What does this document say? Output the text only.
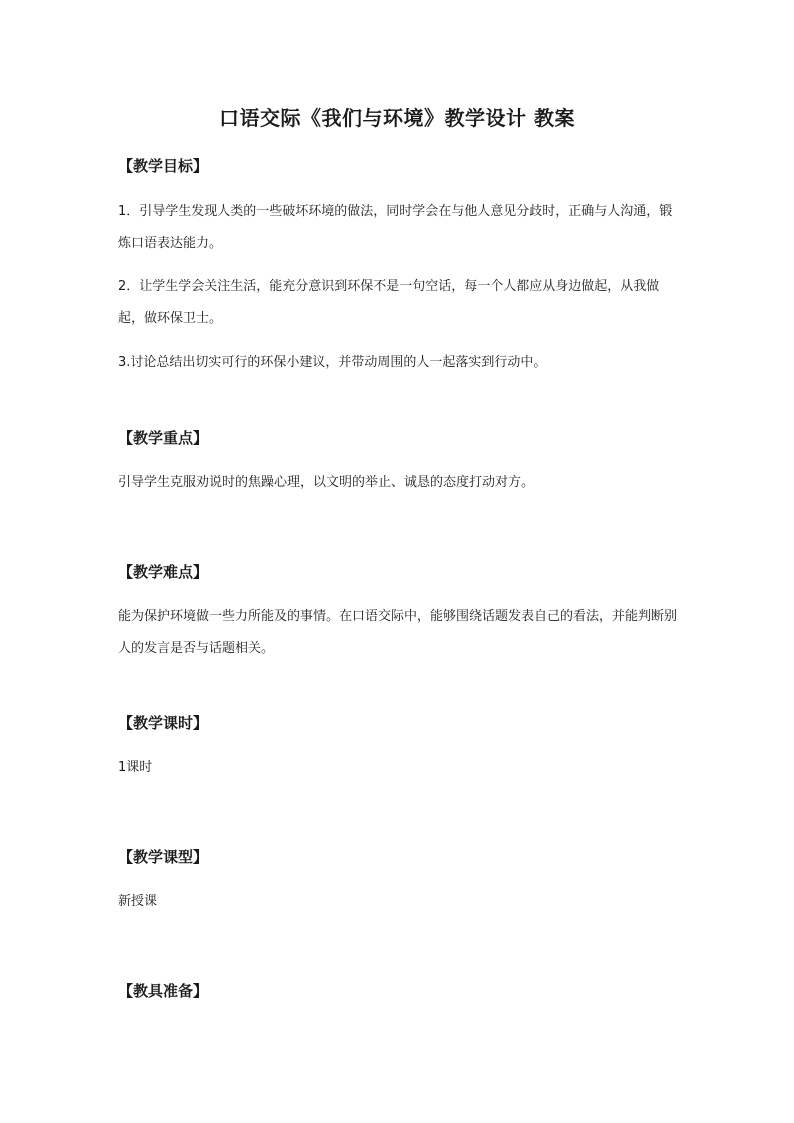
口语交际《我们与环境》教学设计 教案
【教学目标】

1．引导学生发现人类的一些破坏环境的做法，同时学会在与他人意见分歧时，正确与人沟通，锻炼口语表达能力。

2．让学生学会关注生活，能充分意识到环保不是一句空话，每一个人都应从身边做起，从我做起，做环保卫士。

3.讨论总结出切实可行的环保小建议，并带动周围的人一起落实到行动中。

【教学重点】

引导学生克服劝说时的焦躁心理，以文明的举止、诚恳的态度打动对方。

【教学难点】

能为保护环境做一些力所能及的事情。在口语交际中，能够围绕话题发表自己的看法，并能判断别人的发言是否与话题相关。

【教学课时】

1课时

【教学课型】

新授课

【教具准备】
